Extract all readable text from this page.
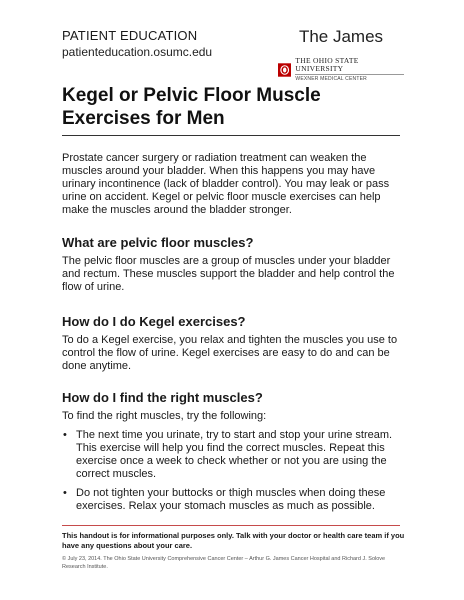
PATIENT EDUCATION
patienteducation.osumc.edu
The James
THE OHIO STATE UNIVERSITY
WEXNER MEDICAL CENTER
Kegel or Pelvic Floor Muscle Exercises for Men

Prostate cancer surgery or radiation treatment can weaken the muscles around your bladder. When this happens you may have urinary incontinence (lack of bladder control). You may leak or pass urine on accident. Kegel or pelvic floor muscle exercises can help make the muscles around the bladder stronger.

What are pelvic floor muscles?

The pelvic floor muscles are a group of muscles under your bladder and rectum. These muscles support the bladder and help control the flow of urine.

How do I do Kegel exercises?

To do a Kegel exercise, you relax and tighten the muscles you use to control the flow of urine. Kegel exercises are easy to do and can be done anytime.

How do I find the right muscles?

To find the right muscles, try the following:

• The next time you urinate, try to start and stop your urine stream. This exercise will help you find the correct muscles. Repeat this exercise once a week to check whether or not you are using the correct muscles.
• Do not tighten your buttocks or thigh muscles when doing these exercises. Relax your stomach muscles as much as possible.

This handout is for informational purposes only. Talk with your doctor or health care team if you have any questions about your care.

© July 23, 2014. The Ohio State University Comprehensive Cancer Center – Arthur G. James Cancer Hospital and Richard J. Solove Research Institute.
